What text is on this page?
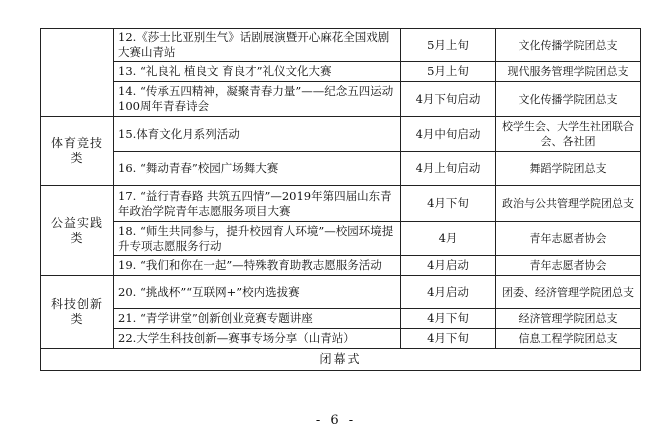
	12.《莎士比亚别生气》话剧展演暨开心麻花全国戏剧大赛山青站	5月上旬	文化传播学院团总支
	13. “礼良礼 植良文 育良才”礼仪文化大赛	5月上旬	现代服务管理学院团总支
	14. “传承五四精神，凝聚青春力量”——纪念五四运动100周年青春诗会	4月下旬启动	文化传播学院团总支
体育竞技类	15.体育文化月系列活动	4月中旬启动	校学生会、大学生社团联合会、各社团
	16. “舞动青春”校园广场舞大赛	4月上旬启动	舞蹈学院团总支
公益实践类	17. “益行青春路 共筑五四情”—2019年第四届山东青年政治学院青年志愿服务项目大赛	4月下旬	政治与公共管理学院团总支
	18. “师生共同参与，提升校园育人环境”—校园环境提升专项志愿服务行动	4月	青年志愿者协会
	19. “我们和你在一起”—特殊教育助教志愿服务活动	4月启动	青年志愿者协会
科技创新类	20. “挑战杯”“互联网+”校内选拔赛	4月启动	团委、经济管理学院团总支
	21. “青学讲堂”创新创业竞赛专题讲座	4月下旬	经济管理学院团总支
	22.大学生科技创新—赛事专场分享（山青站）	4月下旬	信息工程学院团总支
闭幕式			
- 6 -
